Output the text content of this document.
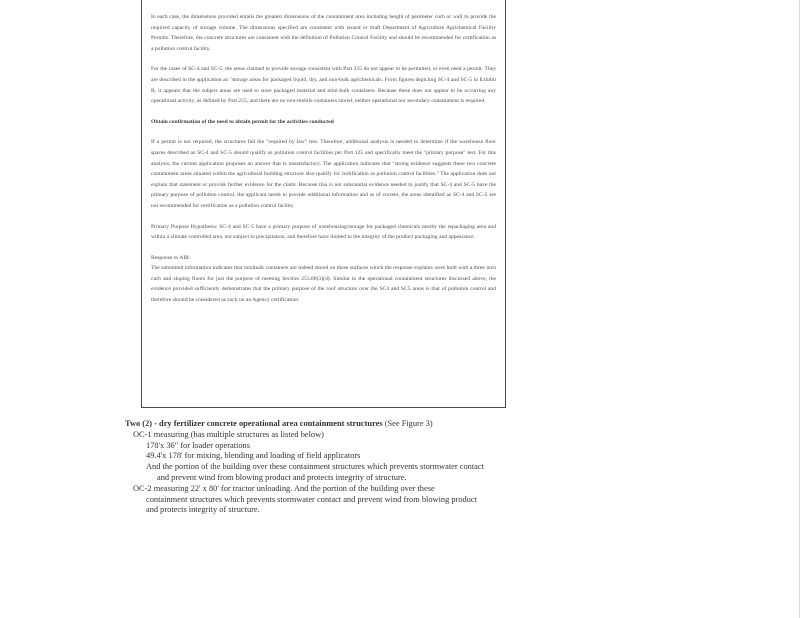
In each case, the dimensions provided entails the greatest dimensions of the containment area including height of perimeter curb or wall to provide the required capacity of storage volume. The dimensions specified are consistent with issued or draft Department of Agriculture Agrichemical Facility Permits. Therefore, the concrete structures are consistent with the definition of Pollution Control Facility and should be recommended for certification as a pollution control facility.

For the cases of SC-4 and SC-5, the areas claimed to provide storage consistent with Part 255 do not appear to be permitted, or even need a permit. They are described in the application as "storage areas for packaged liquid, dry, and non-bulk agrichemicals. From figures depicting SC-4 and SC-5 in Exhibit B, it appears that the subject areas are used to store packaged material and mini-bulk containers. Because these does not appear to be occurring any operational activity, as defined by Part 255, and there are no non-mobile containers stored, neither operational nor secondary containment is required.

Obtain confirmation of the need to obtain permit for the activities conducted

If a permit is not required, the structures fail the "required by law" test. Therefore, additional analysis is needed to determine if the warehouse floor spaces described as SC-4 and SC-5 should qualify as pollution control facilities per Part 125 and specifically meet the "primary purpose" test. For this analysis, the current application proposes an answer that is unsatisfactory. The application indicates that "strong evidence suggests these two concrete containment areas situated within the agricultural building structure also qualify for certification as pollution control facilities." The application does not explain that statement or provide further evidence for the claim. Because this is not substantial evidence needed to justify that SC-4 and SC-5 have the primary purpose of pollution control, the applicant needs to provide additional information and as of current, the areas identified as SC-4 and SC-5 are not recommended for certification as a pollution control facility.

Primary Purpose Hypothesis: SC-4 and SC-5 have a primary purpose of warehousing/storage for packaged chemicals nearby the repackaging area and within a climate controlled area, not subject to precipitation, and therefore have limited to the integrity of the product packaging and appearance.

Response to AIR:

The submitted information indicates that minibulk containers are indeed stored on these surfaces which the response explains were built with a three inch curb and sloping floors for just the purpose of meeting Section 255.80(3)(d). Similar to the operational containment structures discussed above, the evidence provided sufficiently demonstrates that the primary purpose of the roof structure over the SC4 and SC5 areas is that of pollution control and therefore should be considered as such on an Agency certification.

Two (2) - dry fertilizer concrete operational area containment structures (See Figure 3)
OC-1 measuring (has multiple structures as listed below)
178'x 36" for loader operations
49.4'x 178' for mixing, blending and loading of field applicators
And the portion of the building over these containment structures which prevents stormwater contact
and prevent wind from blowing product and protects integrity of structure.
OC-2 measuring 22' x 80' for tractor unloading. And the portion of the building over these
containment structures which prevents stormwater contact and prevent wind from blowing product
and protects integrity of structure.
